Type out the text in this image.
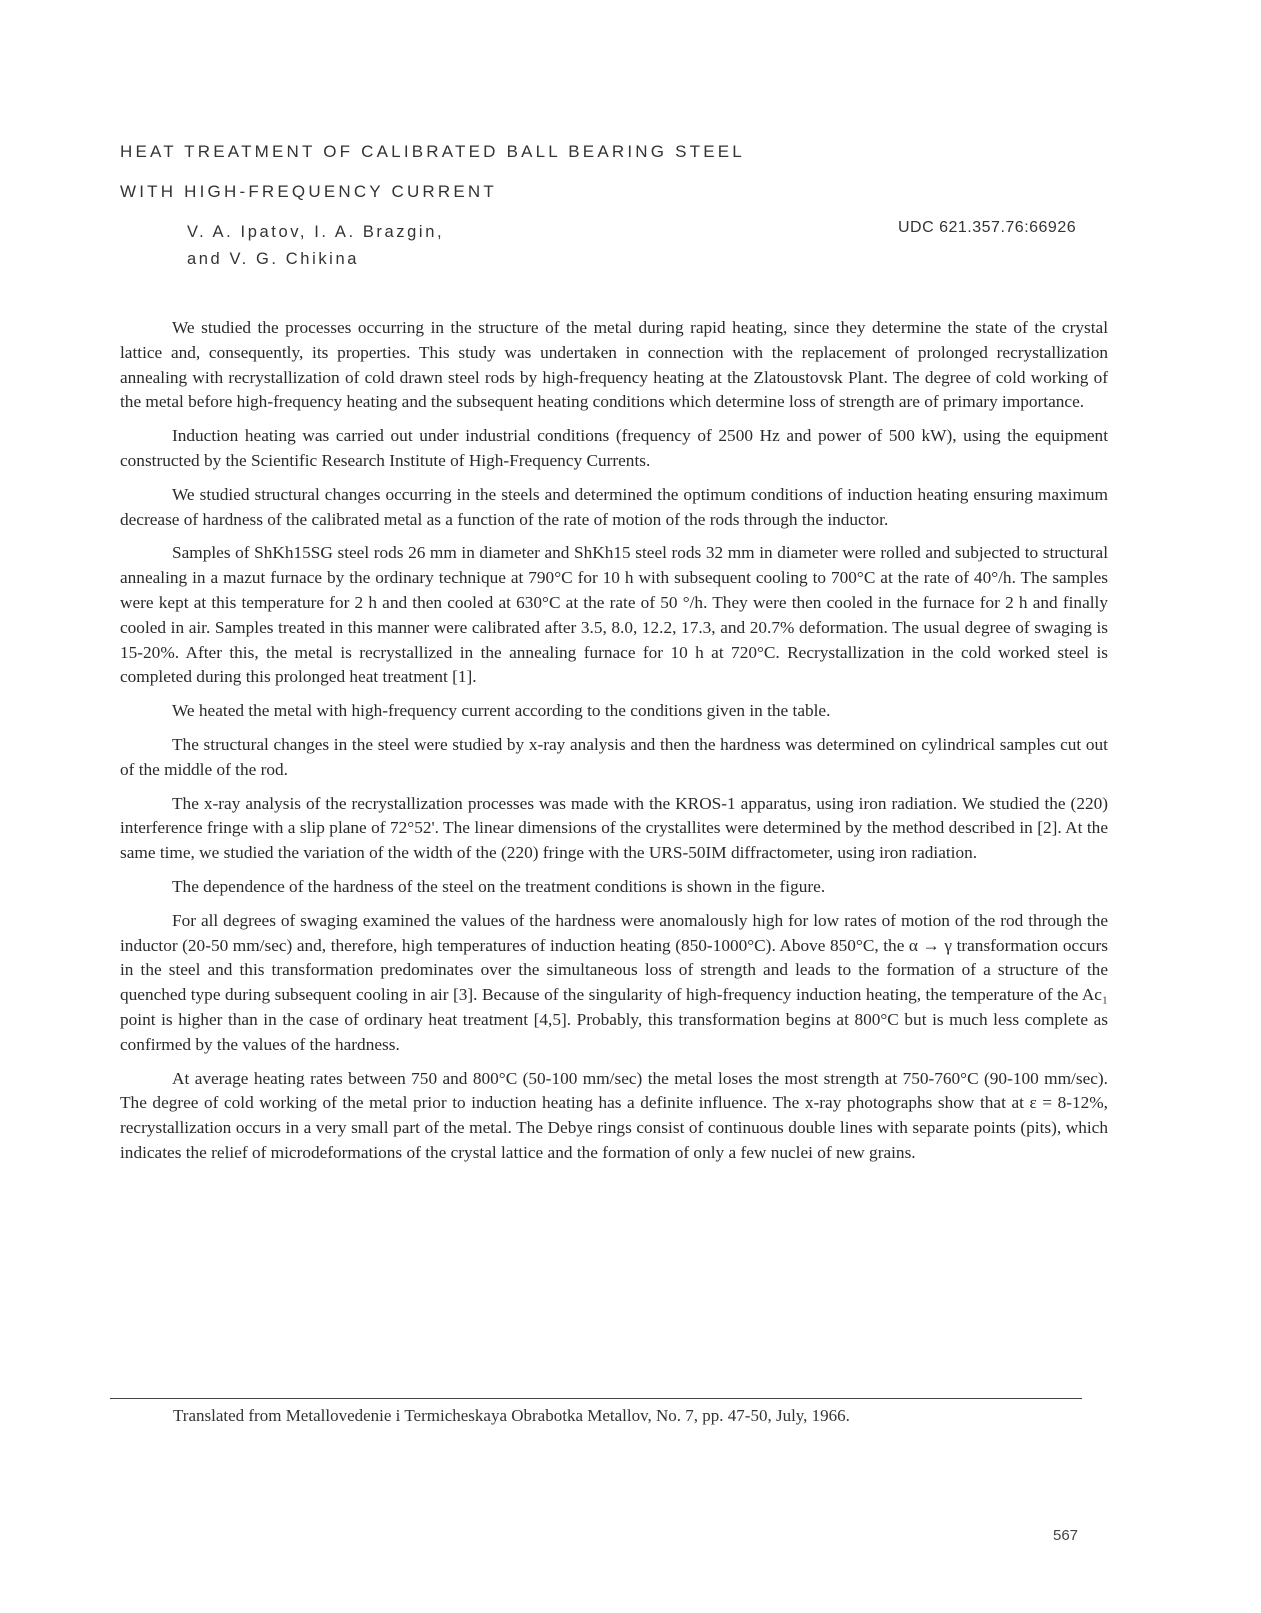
HEAT TREATMENT OF CALIBRATED BALL BEARING STEEL
WITH HIGH-FREQUENCY CURRENT
V. A. Ipatov, I. A. Brazgin,
and V. G. Chikina
UDC 621.357.76:66926

We studied the processes occurring in the structure of the metal during rapid heating, since they determine the state of the crystal lattice and, consequently, its properties. This study was undertaken in connection with the replacement of prolonged recrystallization annealing with recrystallization of cold drawn steel rods by high-frequency heating at the Zlatoustovsk Plant. The degree of cold working of the metal before high-frequency heating and the subsequent heating conditions which determine loss of strength are of primary importance.

Induction heating was carried out under industrial conditions (frequency of 2500 Hz and power of 500 kW), using the equipment constructed by the Scientific Research Institute of High-Frequency Currents.

We studied structural changes occurring in the steels and determined the optimum conditions of induction heating ensuring maximum decrease of hardness of the calibrated metal as a function of the rate of motion of the rods through the inductor.

Samples of ShKh15SG steel rods 26 mm in diameter and ShKh15 steel rods 32 mm in diameter were rolled and subjected to structural annealing in a mazut furnace by the ordinary technique at 790°C for 10 h with subsequent cooling to 700°C at the rate of 40°/h. The samples were kept at this temperature for 2 h and then cooled at 630°C at the rate of 50 °/h. They were then cooled in the furnace for 2 h and finally cooled in air. Samples treated in this manner were calibrated after 3.5, 8.0, 12.2, 17.3, and 20.7% deformation. The usual degree of swaging is 15-20%. After this, the metal is recrystallized in the annealing furnace for 10 h at 720°C. Recrystallization in the cold worked steel is completed during this prolonged heat treatment [1].

We heated the metal with high-frequency current according to the conditions given in the table.

The structural changes in the steel were studied by x-ray analysis and then the hardness was determined on cylindrical samples cut out of the middle of the rod.

The x-ray analysis of the recrystallization processes was made with the KROS-1 apparatus, using iron radiation. We studied the (220) interference fringe with a slip plane of 72°52'. The linear dimensions of the crystallites were determined by the method described in [2]. At the same time, we studied the variation of the width of the (220) fringe with the URS-50IM diffractometer, using iron radiation.

The dependence of the hardness of the steel on the treatment conditions is shown in the figure.

For all degrees of swaging examined the values of the hardness were anomalously high for low rates of motion of the rod through the inductor (20-50 mm/sec) and, therefore, high temperatures of induction heating (850-1000°C). Above 850°C, the α → γ transformation occurs in the steel and this transformation predominates over the simultaneous loss of strength and leads to the formation of a structure of the quenched type during subsequent cooling in air [3]. Because of the singularity of high-frequency induction heating, the temperature of the Ac₁ point is higher than in the case of ordinary heat treatment [4,5]. Probably, this transformation begins at 800°C but is much less complete as confirmed by the values of the hardness.

At average heating rates between 750 and 800°C (50-100 mm/sec) the metal loses the most strength at 750-760°C (90-100 mm/sec). The degree of cold working of the metal prior to induction heating has a definite influence. The x-ray photographs show that at ε = 8-12%, recrystallization occurs in a very small part of the metal. The Debye rings consist of continuous double lines with separate points (pits), which indicates the relief of microdeformations of the crystal lattice and the formation of only a few nuclei of new grains.

Translated from Metallovedenie i Termicheskaya Obrabotka Metallov, No. 7, pp. 47-50, July, 1966.
567
